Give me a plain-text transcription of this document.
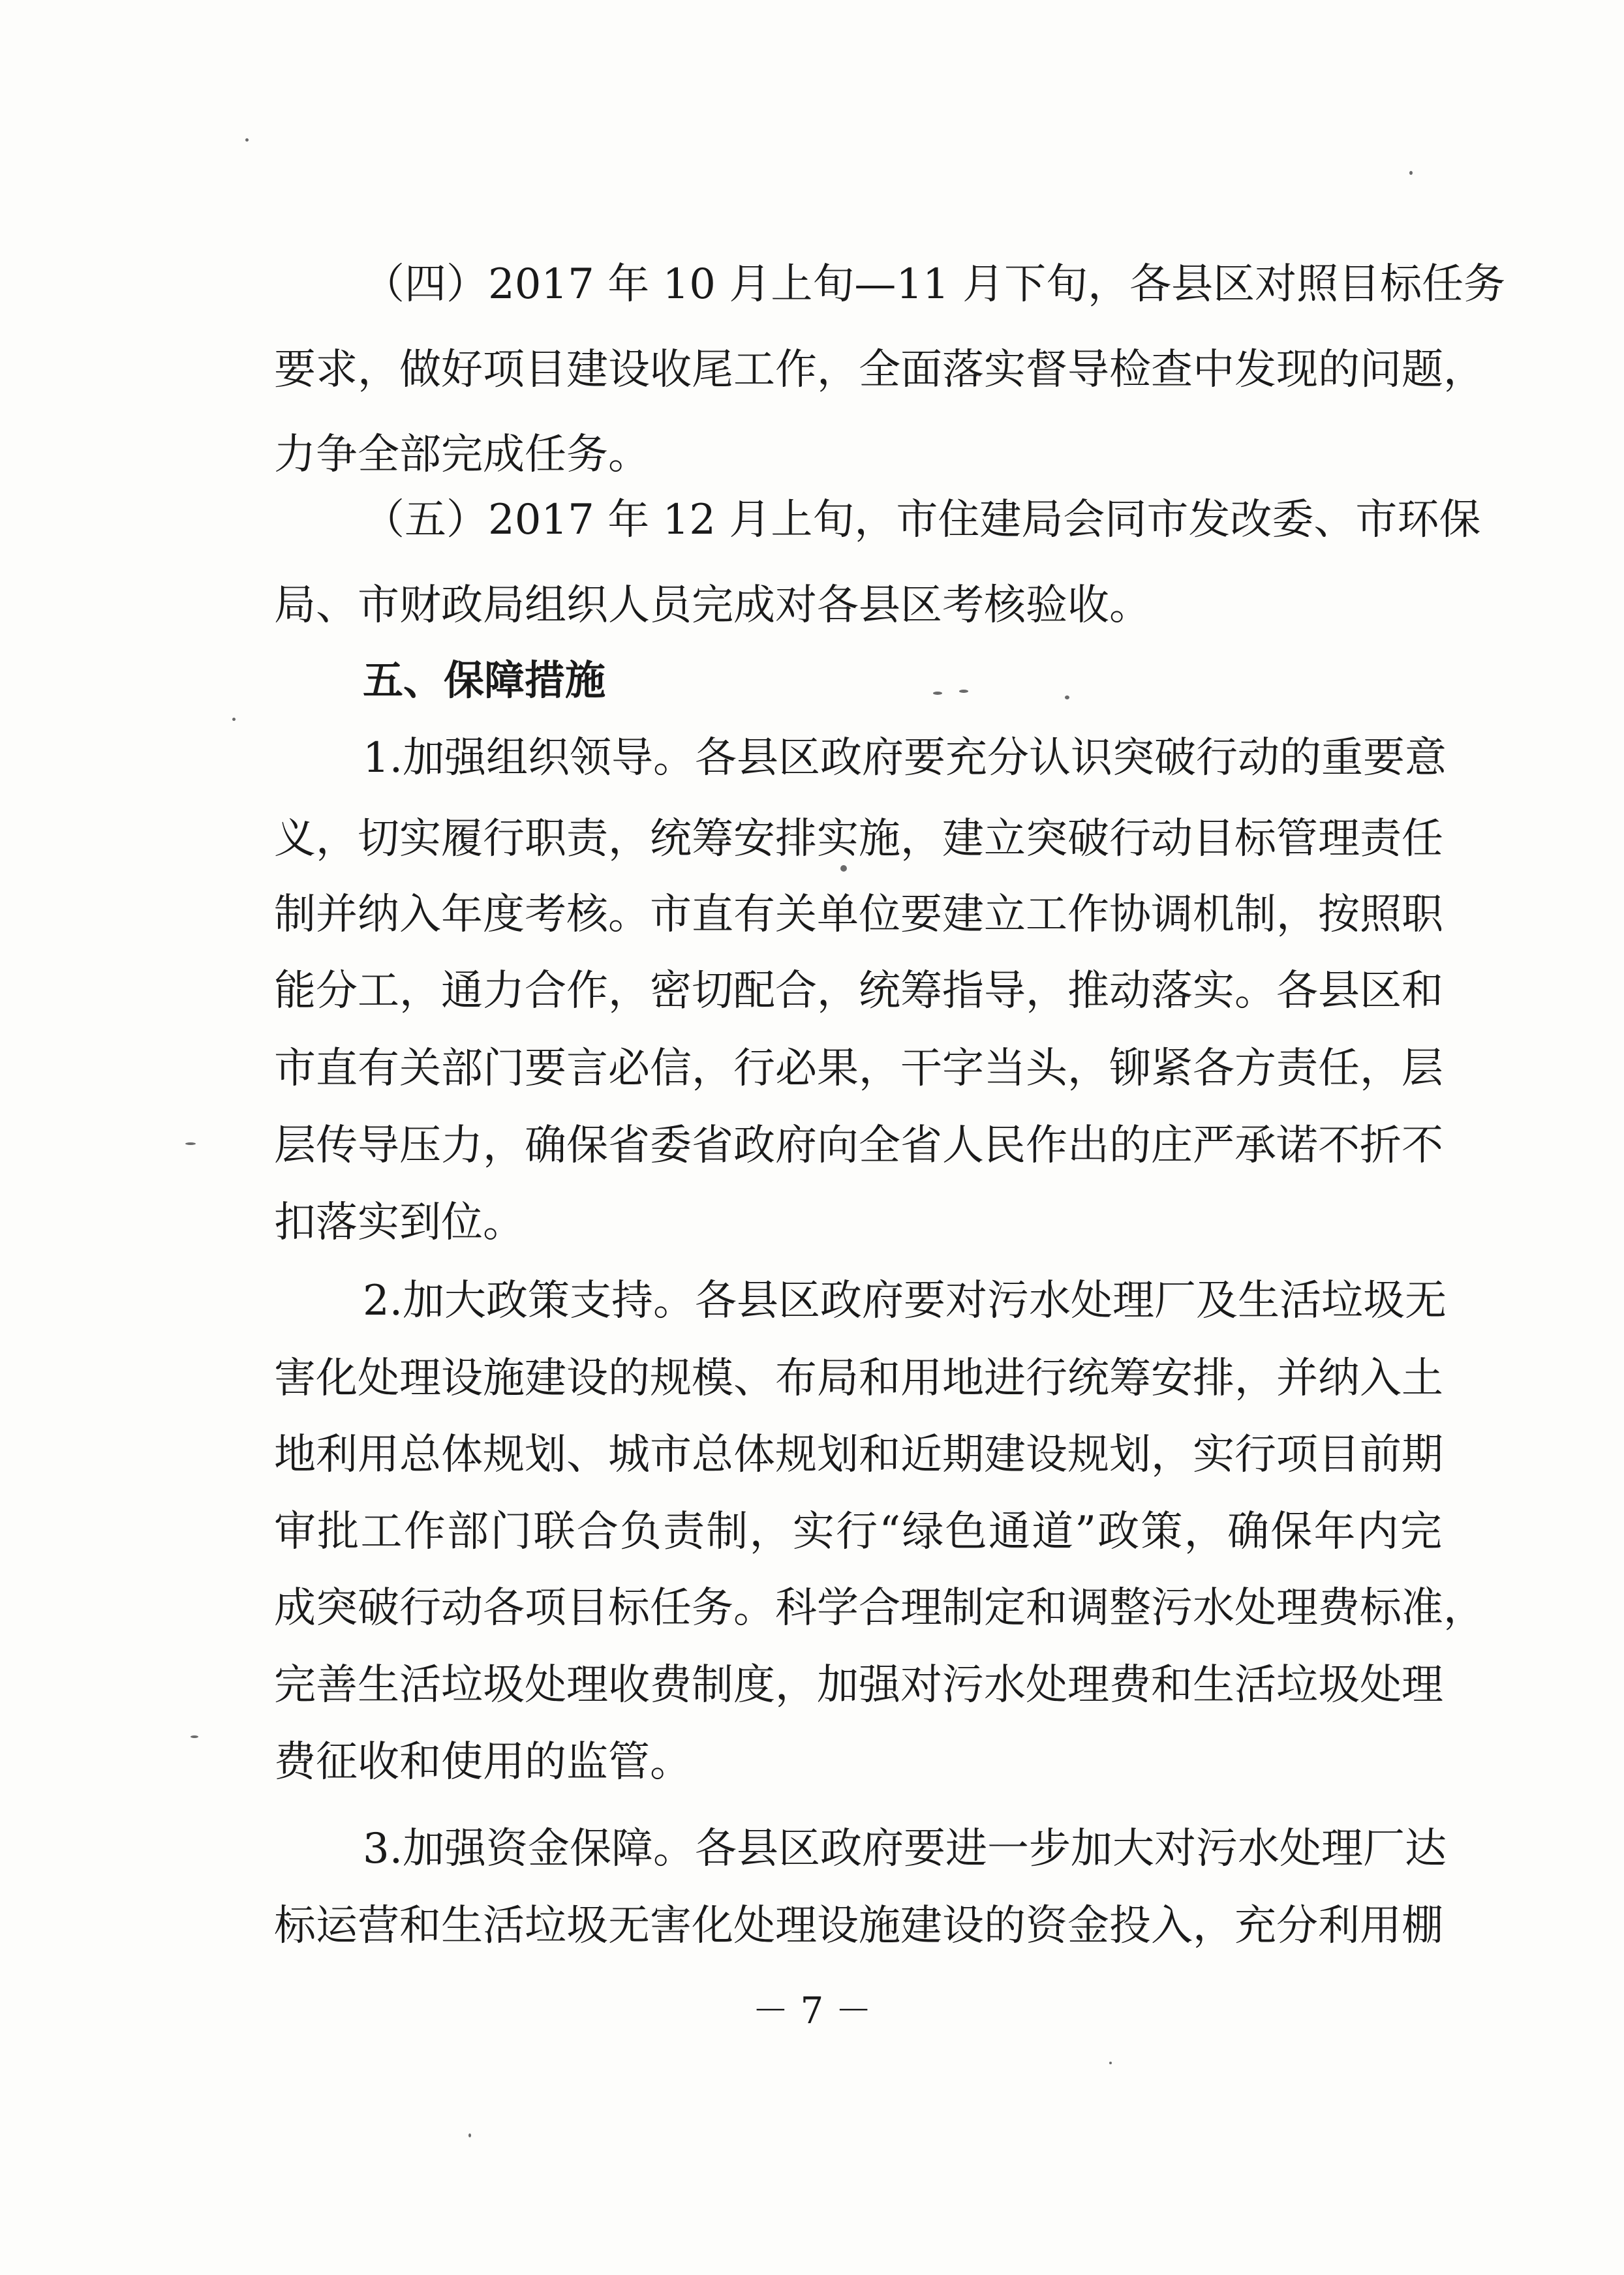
（四）2017 年 10 月上旬—11 月下旬，各县区对照目标任务
要求，做好项目建设收尾工作，全面落实督导检查中发现的问题，
力争全部完成任务。
（五）2017 年 12 月上旬，市住建局会同市发改委、市环保
局、市财政局组织人员完成对各县区考核验收。
五、保障措施
1.加强组织领导。各县区政府要充分认识突破行动的重要意
义，切实履行职责，统筹安排实施，建立突破行动目标管理责任
制并纳入年度考核。市直有关单位要建立工作协调机制，按照职
能分工，通力合作，密切配合，统筹指导，推动落实。各县区和
市直有关部门要言必信，行必果，干字当头，铆紧各方责任，层
层传导压力，确保省委省政府向全省人民作出的庄严承诺不折不
扣落实到位。
2.加大政策支持。各县区政府要对污水处理厂及生活垃圾无
害化处理设施建设的规模、布局和用地进行统筹安排，并纳入土
地利用总体规划、城市总体规划和近期建设规划，实行项目前期
审批工作部门联合负责制，实行“绿色通道”政策，确保年内完
成突破行动各项目标任务。科学合理制定和调整污水处理费标准，
完善生活垃圾处理收费制度，加强对污水处理费和生活垃圾处理
费征收和使用的监管。
3.加强资金保障。各县区政府要进一步加大对污水处理厂达
标运营和生活垃圾无害化处理设施建设的资金投入，充分利用棚
－ 7 －
